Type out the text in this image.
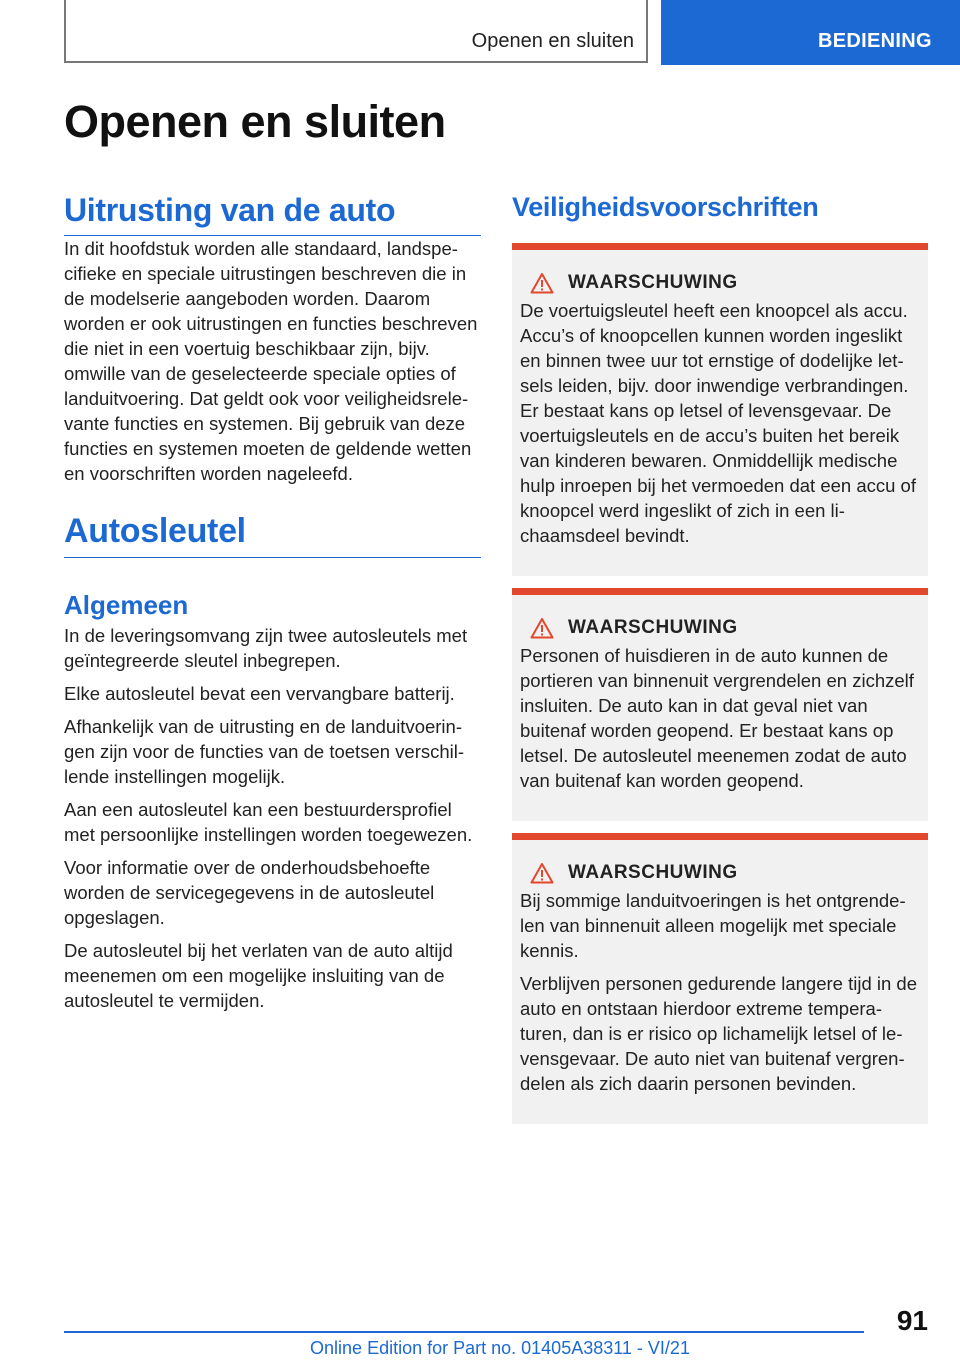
Openen en sluiten	BEDIENING
Openen en sluiten
Uitrusting van de auto

In dit hoofdstuk worden alle standaard, landspecifieke en speciale uitrustingen beschreven die in de modelserie aangeboden worden. Daarom worden er ook uitrustingen en functies beschreven die niet in een voertuig beschikbaar zijn, bijv. omwille van de geselecteerde speciale opties of landuitvoering. Dat geldt ook voor veiligheidsrelevante functies en systemen. Bij gebruik van deze functies en systemen moeten de geldende wetten en voorschriften worden nageleefd.

Autosleutel
Algemeen

In de leveringsomvang zijn twee autosleutels met geïntegreerde sleutel inbegrepen.

Elke autosleutel bevat een vervangbare batterij.

Afhankelijk van de uitrusting en de landuitvoeringen zijn voor de functies van de toetsen verschillende instellingen mogelijk.

Aan een autosleutel kan een bestuurdersprofiel met persoonlijke instellingen worden toegewezen.

Voor informatie over de onderhoudsbehoefte worden de servicegegevens in de autosleutel opgeslagen.

De autosleutel bij het verlaten van de auto altijd meenemen om een mogelijke insluiting van de autosleutel te vermijden.

Veiligheidsvoorschriften
WAARSCHUWING

De voertuigsleutel heeft een knoopcel als accu. Accu’s of knoopcellen kunnen worden ingeslikt en binnen twee uur tot ernstige of dodelijke letsels leiden, bijv. door inwendige verbrandingen. Er bestaat kans op letsel of levensgevaar. De voertuigsleutels en de accu’s buiten het bereik van kinderen bewaren. Onmiddellijk medische hulp inroepen bij het vermoeden dat een accu of knoopcel werd ingeslikt of zich in een lichaamsdeel bevindt.

WAARSCHUWING

Personen of huisdieren in de auto kunnen de portieren van binnenuit vergrendelen en zichzelf insluiten. De auto kan in dat geval niet van buitenaf worden geopend. Er bestaat kans op letsel. De autosleutel meenemen zodat de auto van buitenaf kan worden geopend.

WAARSCHUWING

Bij sommige landuitvoeringen is het ontgrendelen van binnenuit alleen mogelijk met speciale kennis.

Verblijven personen gedurende langere tijd in de auto en ontstaan hierdoor extreme temperaturen, dan is er risico op lichamelijk letsel of levensgevaar. De auto niet van buitenaf vergrendelen als zich daarin personen bevinden.

91
Online Edition for Part no. 01405A38311 - VI/21
